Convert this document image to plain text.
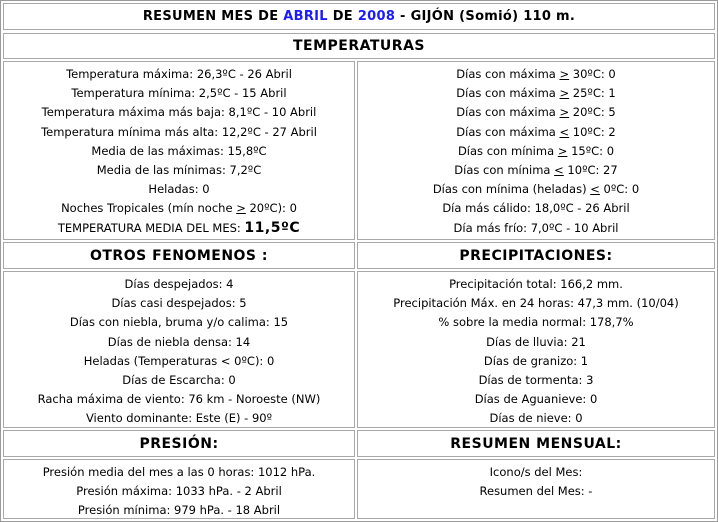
RESUMEN MES DE
ABRIL
DE
2008
-
GIJÓN (Somió) 110 m.
TEMPERATURAS
Temperatura máxima: 26,3ºC - 26 Abril
Temperatura mínima: 2,5ºC - 15 Abril
Temperatura máxima más baja: 8,1ºC - 10 Abril
Temperatura mínima más alta: 12,2ºC - 27 Abril
Media de las máximas: 15,8ºC
Media de las mínimas: 7,2ºC
Heladas: 0
Noches Tropicales (mín noche > 20ºC): 0
TEMPERATURA MEDIA DEL MES: 11,5ºC
Días con máxima > 30ºC: 0
Días con máxima > 25ºC: 1
Días con máxima > 20ºC: 5
Días con máxima < 10ºC: 2
Días con mínima > 15ºC: 0
Días con mínima < 10ºC: 27
Días con mínima (heladas) < 0ºC: 0
Día más cálido: 18,0ºC - 26 Abril
Día más frío: 7,0ºC - 10 Abril
OTROS FENOMENOS :	PRECIPITACIONES:
Días despejados: 4
Días casi despejados: 5
Días con niebla, bruma y/o calima: 15
Días de niebla densa: 14
Heladas (Temperaturas < 0ºC): 0
Días de Escarcha: 0
Racha máxima de viento: 76 km - Noroeste (NW)
Viento dominante: Este (E) - 90º
Precipitación total: 166,2 mm.
Precipitación Máx. en 24 horas: 47,3 mm. (10/04)
% sobre la media normal: 178,7%
Días de lluvia: 21
Días de granizo: 1
Días de tormenta: 3
Días de Aguanieve: 0
Días de nieve: 0
PRESIÓN:	RESUMEN MENSUAL:
Presión media del mes a las 0 horas: 1012 hPa.
Presión máxima: 1033 hPa. - 2 Abril
Presión mínima: 979 hPa. - 18 Abril
Icono/s del Mes:
Resumen del Mes: -
